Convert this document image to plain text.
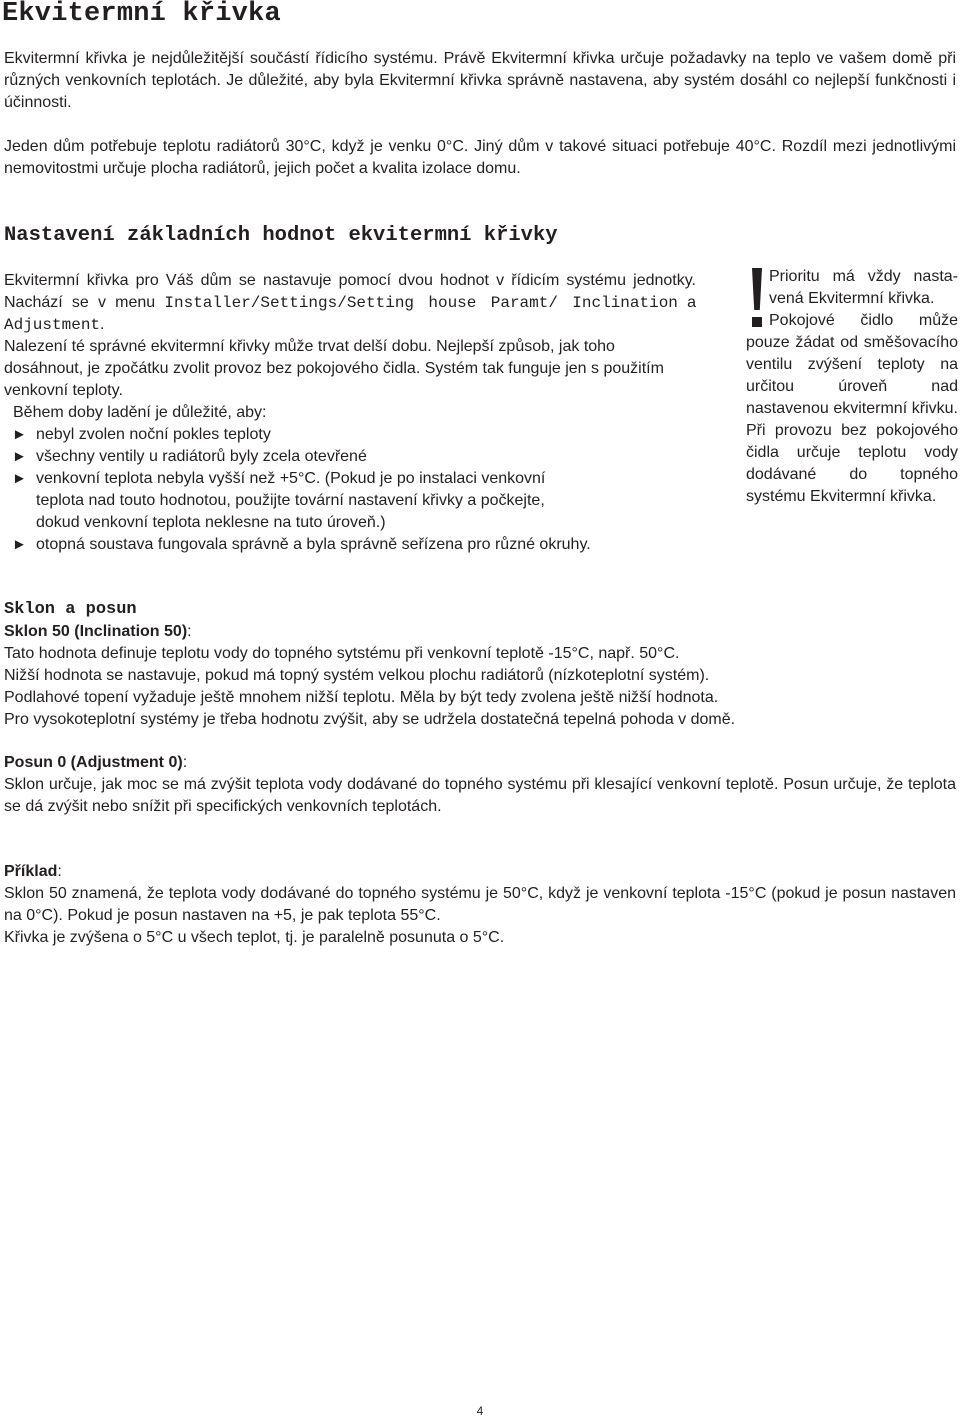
Ekvitermní křivka

Ekvitermní křivka je nejdůležitější součástí řídicího systému. Právě Ekvitermní křivka určuje požadavky na teplo ve vašem domě při různých venkovních teplotách. Je důležité, aby byla Ekvitermní křivka správně nastavena, aby systém dosáhl co nejlepší funkčnosti i účinnosti.

Jeden dům potřebuje teplotu radiátorů 30°C, když je venku 0°C. Jiný dům v takové situaci potřebuje 40°C. Rozdíl mezi jednotlivými nemovitostmi určuje plocha radiátorů, jejich počet a kvalita izolace domu.

Nastavení základních hodnot ekvitermní křivky

Ekvitermní křivka pro Váš dům se nastavuje pomocí dvou hodnot v řídicím systému jednotky. Nachází se v menu Installer/Settings/Setting house Paramt/ Inclination a Adjustment.

Nalezení té správné ekvitermní křivky může trvat delší dobu. Nejlepší způsob, jak toho dosáhnout, je zpočátku zvolit provoz bez pokojového čidla. Systém tak funguje jen s použitím venkovní teploty.

Během doby ladění je důležité, aby:

► nebyl zvolen noční pokles teploty
► všechny ventily u radiátorů byly zcela otevřené
► venkovní teplota nebyla vyšší než +5°C. (Pokud je po instalaci venkovní
teplota nad touto hodnotou, použijte tovární nastavení křivky a počkejte,
dokud venkovní teplota neklesne na tuto úroveň.)
► otopná soustava fungovala správně a byla správně seřízena pro různé okruhy.

Prioritu má vždy nasta-

vená Ekvitermní křivka.

Pokojové čidlo může

pouze žádat od směšovacího ventilu zvýšení teploty na určitou úroveň nad nastavenou ekvitermní křivku. Při provozu bez pokojového čidla určuje teplotu vody dodávané do topného systému Ekvitermní křivka.

Sklon a posun

Sklon 50 (Inclination 50):

Tato hodnota definuje teplotu vody do topného sytstému při venkovní teplotě -15°C, např. 50°C.

Nižší hodnota se nastavuje, pokud má topný systém velkou plochu radiátorů (nízkoteplotní systém).

Podlahové topení vyžaduje ještě mnohem nižší teplotu. Měla by být tedy zvolena ještě nižší hodnota.

Pro vysokoteplotní systémy je třeba hodnotu zvýšit, aby se udržela dostatečná tepelná pohoda v domě.

Posun 0 (Adjustment 0):

Sklon určuje, jak moc se má zvýšit teplota vody dodávané do topného systému při klesající venkovní teplotě. Posun určuje, že teplota se dá zvýšit nebo snížit při specifických venkovních teplotách.

Příklad:

Sklon 50 znamená, že teplota vody dodávané do topného systému je 50°C, když je venkovní teplota -15°C (pokud je posun nastaven na 0°C). Pokud je posun nastaven na +5, je pak teplota 55°C.

Křivka je zvýšena o 5°C u všech teplot, tj. je paralelně posunuta o 5°C.

4
